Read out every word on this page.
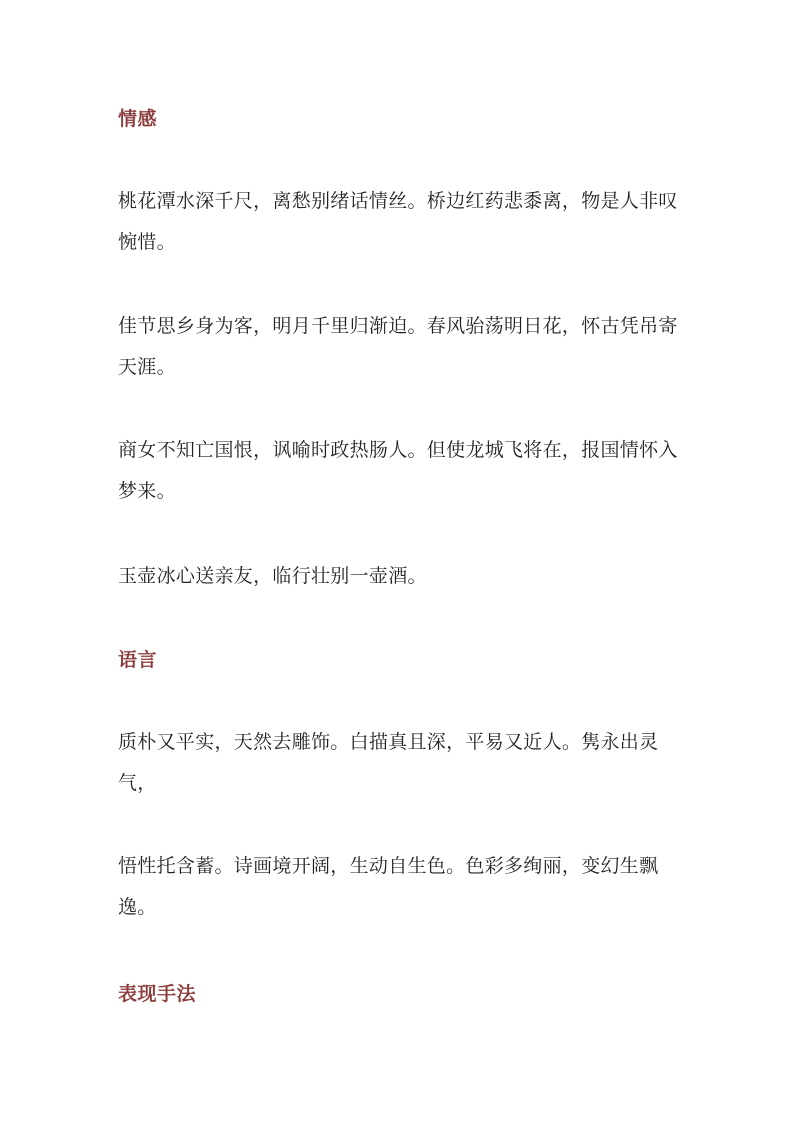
情感
桃花潭水深千尺，离愁别绪话情丝。桥边红药悲黍离，物是人非叹惋惜。
佳节思乡身为客，明月千里归渐迫。春风骀荡明日花，怀古凭吊寄天涯。
商女不知亡国恨，讽喻时政热肠人。但使龙城飞将在，报国情怀入梦来。
玉壶冰心送亲友，临行壮别一壶酒。
语言
质朴又平实，天然去雕饰。白描真且深，平易又近人。隽永出灵气，
悟性托含蓄。诗画境开阔，生动自生色。色彩多绚丽，变幻生飘逸。
表现手法
